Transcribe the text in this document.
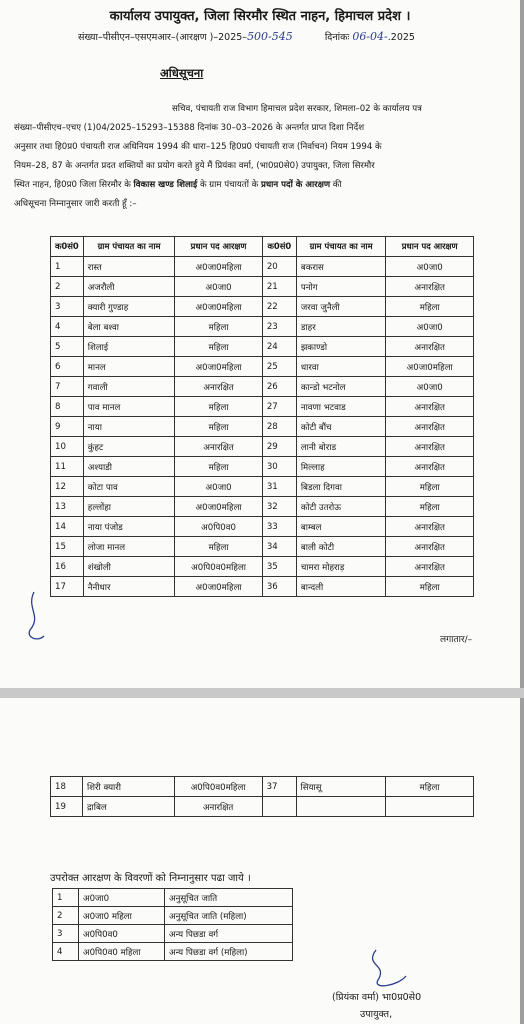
कार्यालय उपायुक्त, जिला सिरमौर स्थित नाहन, हिमाचल प्रदेश ।
संख्या–पीसीएन–एसएमआर–(आरक्षण )–2025–500-545	दिनांकः 06-04-.2025
अधिसूचना

सचिव, पंचायती राज विभाग हिमाचल प्रदेश सरकार, शिमला–02 के कार्यालय पत्र

संख्या–पीसीएच–एचए (1)04/2025–15293–15388 दिनांक 30–03–2026 के अन्तर्गत प्राप्त दिशा निर्देश

अनुसार तथा हि0प्र0 पंचायती राज अधिनियम 1994 की धारा–125 हि0प्र0 पंचायती राज (निर्वाचन) नियम 1994 के

नियम–28, 87 के अन्तर्गत प्रदत शक्तियों का प्रयोग करते हुये मैं प्रियंका वर्मा, (भा0प्र0से0) उपायुक्त, जिला सिरमौर

स्थित नाहन, हि0प्र0 जिला सिरमौर के विकास खण्ड शिलाई के ग्राम पंचायतों के प्रधान पदों के आरक्षण की

अधिसूचना निम्नानुसार जारी करती हूँ :–

क0सं0	ग्राम पंचायत का नाम	प्रधान पद आरक्षण	क0सं0	ग्राम पंचायत का नाम	प्रधान पद आरक्षण
1	रास्त	अ0जा0महिला	20	बकरास	अ0जा0
2	अजरौली	अ0जा0	21	पनोग	अनारक्षित
3	क्यारी गुण्डाह	अ0जा0महिला	22	जरवा जुनैली	महिला
4	बेला बश्वा	महिला	23	डाहर	अ0जा0
5	शिलाई	महिला	24	झकाण्डो	अनारक्षित
6	मानल	अ0जा0महिला	25	धारवा	अ0जा0महिला
7	गवाली	अनारक्षित	26	कान्डो भटनोल	अ0जा0
8	पाव मानल	महिला	27	नावणा भटवाड	अनारक्षित
9	नाया	महिला	28	कोटी बौंच	अनारक्षित
10	कुंहट	अनारक्षित	29	लानी बोराड	अनारक्षित
11	अश्याडी	महिला	30	मिल्लाह	अनारक्षित
12	कोटा पाव	अ0जा0	31	बिडला दिगवा	महिला
13	हल्लोंहा	अ0जा0महिला	32	कोटी उतरोऊ	महिला
14	नाया पंजोड	अ0पि0व0	33	बाम्बल	अनारक्षित
15	लोजा मानल	महिला	34	बाली कोटी	अनारक्षित
16	शंखोली	अ0पि0व0महिला	35	चामरा मोहराड़	अनारक्षित
17	नैनीधार	अ0जा0महिला	36	बान्दली	महिला
लगातार/–
18	शिरी क्यारी	अ0पि0व0महिला	37	सियासू	महिला
19	द्राबिल	अनारक्षित			
उपरोक्त आरक्षण के विवरणों को निम्नानुसार पढा जाये ।
1	अ0जा0	अनुसूचित जाति
2	अ0जा0 महिला	अनुसूचित जाति (महिला)
3	अ0पि0व0	अन्य पिछडा वर्ग
4	अ0पि0व0 महिला	अन्य पिछडा वर्ग (महिला)
(प्रियंका वर्मा) भा0प्र0से0
उपायुक्त,
